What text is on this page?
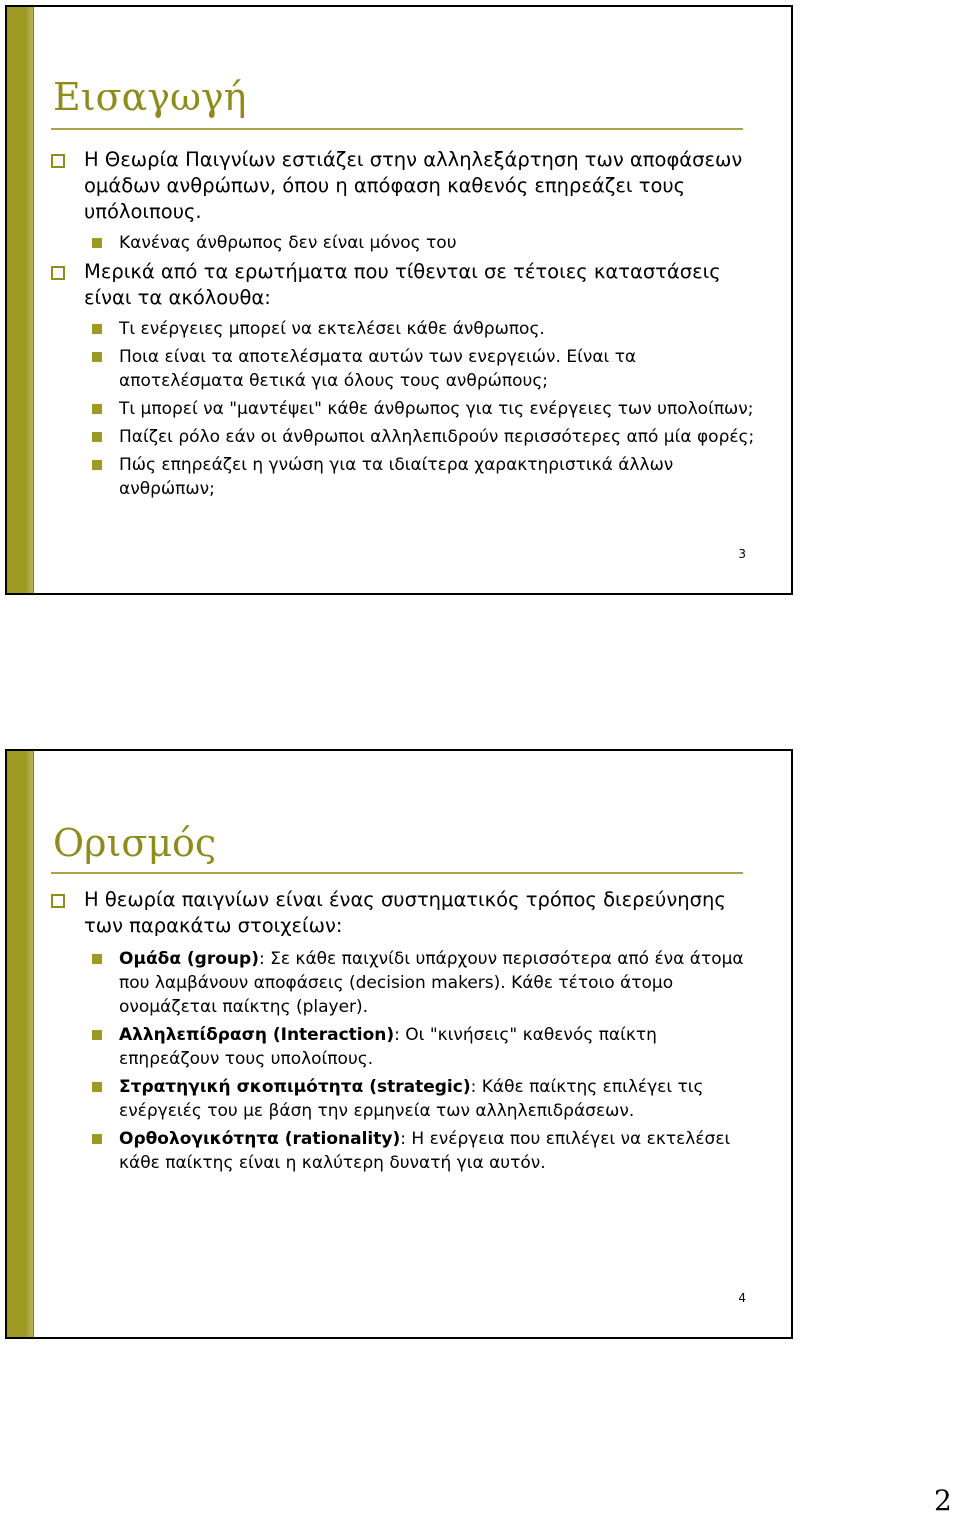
Εισαγωγή
Η Θεωρία Παιγνίων εστιάζει στην αλληλεξάρτηση των αποφάσεων ομάδων ανθρώπων, όπου η απόφαση καθενός επηρεάζει τους υπόλοιπους.
Κανένας άνθρωπος δεν είναι μόνος του
Μερικά από τα ερωτήματα που τίθενται σε τέτοιες καταστάσεις είναι τα ακόλουθα:
Τι ενέργειες μπορεί να εκτελέσει κάθε άνθρωπος.
Ποια είναι τα αποτελέσματα αυτών των ενεργειών. Είναι τα αποτελέσματα θετικά για όλους τους ανθρώπους;
Τι μπορεί να "μαντέψει" κάθε άνθρωπος για τις ενέργειες των υπολοίπων;
Παίζει ρόλο εάν οι άνθρωποι αλληλεπιδρούν περισσότερες από μία φορές;
Πώς επηρεάζει η γνώση για τα ιδιαίτερα χαρακτηριστικά άλλων ανθρώπων;
3
Ορισμός
Η θεωρία παιγνίων είναι ένας συστηματικός τρόπος διερεύνησης των παρακάτω στοιχείων:
Ομάδα (group): Σε κάθε παιχνίδι υπάρχουν περισσότερα από ένα άτομα που λαμβάνουν αποφάσεις (decision makers). Κάθε τέτοιο άτομο ονομάζεται παίκτης (player).
Αλληλεπίδραση (Interaction): Οι "κινήσεις" καθενός παίκτη επηρεάζουν τους υπολοίπους.
Στρατηγική σκοπιμότητα (strategic): Κάθε παίκτης επιλέγει τις ενέργειές του με βάση την ερμηνεία των αλληλεπιδράσεων.
Ορθολογικότητα (rationality): Η ενέργεια που επιλέγει να εκτελέσει κάθε παίκτης είναι η καλύτερη δυνατή για αυτόν.
4
2
